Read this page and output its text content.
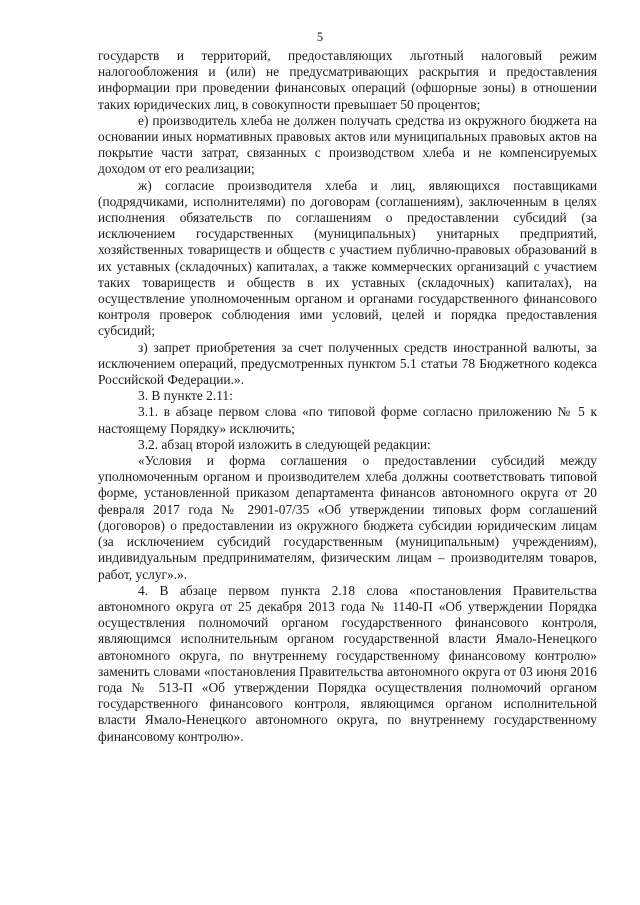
5

государств и территорий, предоставляющих льготный налоговый режим налогообложения и (или) не предусматривающих раскрытия и предоставления информации при проведении финансовых операций (офшорные зоны) в отношении таких юридических лиц, в совокупности превышает 50 процентов;

е) производитель хлеба не должен получать средства из окружного бюджета на основании иных нормативных правовых актов или муниципальных правовых актов на покрытие части затрат, связанных с производством хлеба и не компенсируемых доходом от его реализации;

ж) согласие производителя хлеба и лиц, являющихся поставщиками (подрядчиками, исполнителями) по договорам (соглашениям), заключенным в целях исполнения обязательств по соглашениям о предоставлении субсидий (за исключением государственных (муниципальных) унитарных предприятий, хозяйственных товариществ и обществ с участием публично-правовых образований в их уставных (складочных) капиталах, а также коммерческих организаций с участием таких товариществ и обществ в их уставных (складочных) капиталах), на осуществление уполномоченным органом и органами государственного финансового контроля проверок соблюдения ими условий, целей и порядка предоставления субсидий;

з) запрет приобретения за счет полученных средств иностранной валюты, за исключением операций, предусмотренных пунктом 5.1 статьи 78 Бюджетного кодекса Российской Федерации.».

3. В пункте 2.11:

3.1. в абзаце первом слова «по типовой форме согласно приложению № 5 к настоящему Порядку» исключить;

3.2. абзац второй изложить в следующей редакции:

«Условия и форма соглашения о предоставлении субсидий между уполномоченным органом и производителем хлеба должны соответствовать типовой форме, установленной приказом департамента финансов автономного округа от 20 февраля 2017 года № 2901-07/35 «Об утверждении типовых форм соглашений (договоров) о предоставлении из окружного бюджета субсидии юридическим лицам (за исключением субсидий государственным (муниципальным) учреждениям), индивидуальным предпринимателям, физическим лицам – производителям товаров, работ, услуг».».

4. В абзаце первом пункта 2.18 слова «постановления Правительства автономного округа от 25 декабря 2013 года № 1140-П «Об утверждении Порядка осуществления полномочий органом государственного финансового контроля, являющимся исполнительным органом государственной власти Ямало-Ненецкого автономного округа, по внутреннему государственному финансовому контролю» заменить словами «постановления Правительства автономного округа от 03 июня 2016 года № 513-П «Об утверждении Порядка осуществления полномочий органом государственного финансового контроля, являющимся органом исполнительной власти Ямало-Ненецкого автономного округа, по внутреннему государственному финансовому контролю».
